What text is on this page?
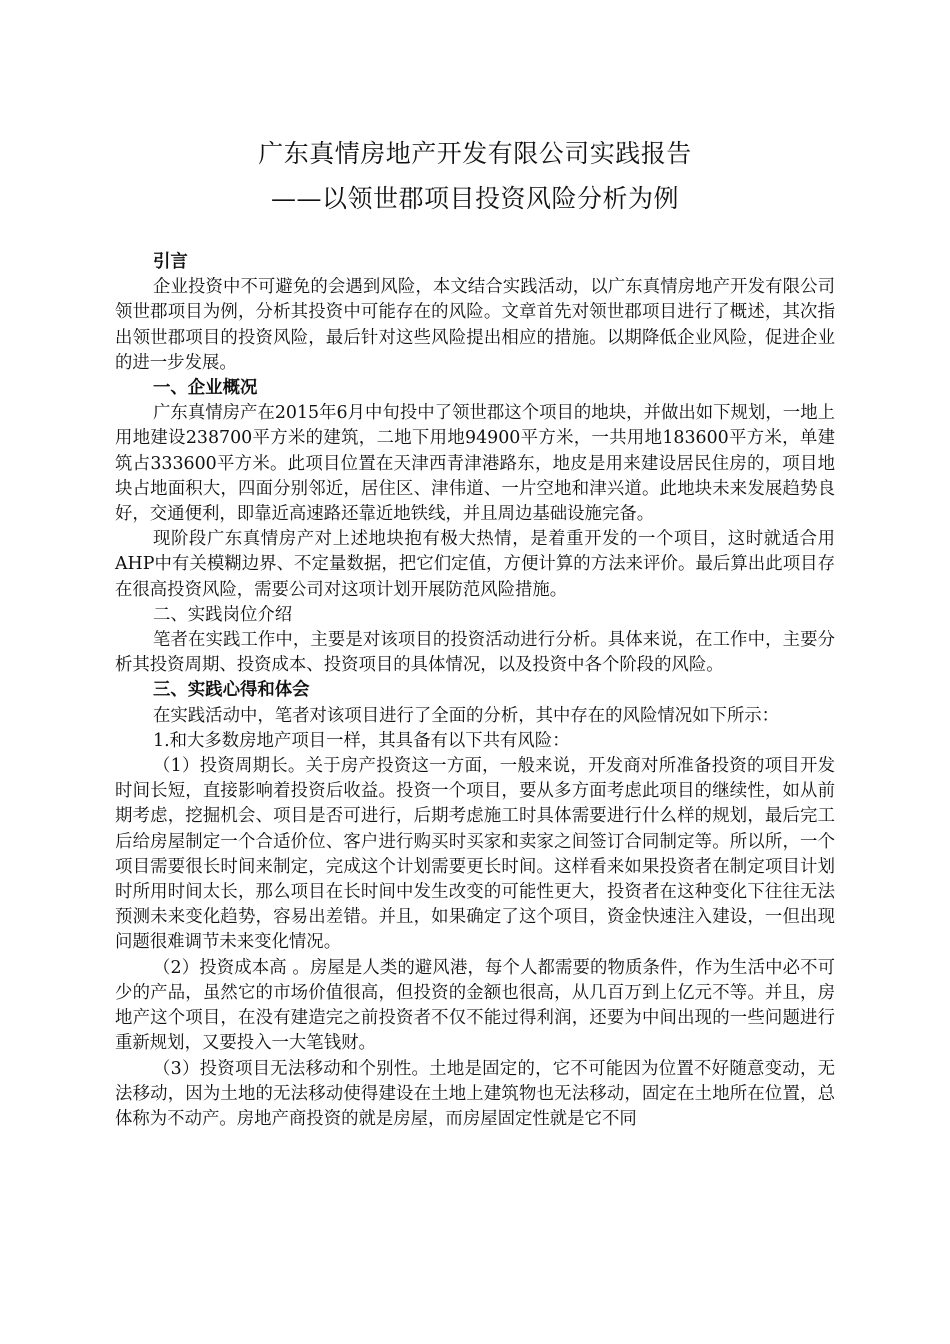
广东真情房地产开发有限公司实践报告
——以领世郡项目投资风险分析为例

引言

企业投资中不可避免的会遇到风险，本文结合实践活动，以广东真情房地产开发有限公司领世郡项目为例，分析其投资中可能存在的风险。文章首先对领世郡项目进行了概述，其次指出领世郡项目的投资风险，最后针对这些风险提出相应的措施。以期降低企业风险，促进企业的进一步发展。

一、企业概况

广东真情房产在2015年6月中旬投中了领世郡这个项目的地块，并做出如下规划，一地上用地建设238700平方米的建筑，二地下用地94900平方米，一共用地183600平方米，单建筑占333600平方米。此项目位置在天津西青津港路东，地皮是用来建设居民住房的，项目地块占地面积大，四面分别邻近，居住区、津伟道、一片空地和津兴道。此地块未来发展趋势良好，交通便利，即靠近高速路还靠近地铁线，并且周边基础设施完备。

现阶段广东真情房产对上述地块抱有极大热情，是着重开发的一个项目，这时就适合用AHP中有关模糊边界、不定量数据，把它们定值，方便计算的方法来评价。最后算出此项目存在很高投资风险，需要公司对这项计划开展防范风险措施。

二、实践岗位介绍

笔者在实践工作中，主要是对该项目的投资活动进行分析。具体来说，在工作中，主要分析其投资周期、投资成本、投资项目的具体情况，以及投资中各个阶段的风险。

三、实践心得和体会

在实践活动中，笔者对该项目进行了全面的分析，其中存在的风险情况如下所示：

1.和大多数房地产项目一样，其具备有以下共有风险：

（1）投资周期长。关于房产投资这一方面，一般来说，开发商对所准备投资的项目开发时间长短，直接影响着投资后收益。投资一个项目，要从多方面考虑此项目的继续性，如从前期考虑，挖掘机会、项目是否可进行，后期考虑施工时具体需要进行什么样的规划，最后完工后给房屋制定一个合适价位、客户进行购买时买家和卖家之间签订合同制定等。所以所，一个项目需要很长时间来制定，完成这个计划需要更长时间。这样看来如果投资者在制定项目计划时所用时间太长，那么项目在长时间中发生改变的可能性更大，投资者在这种变化下往往无法预测未来变化趋势，容易出差错。并且，如果确定了这个项目，资金快速注入建设，一但出现问题很难调节未来变化情况。

（2）投资成本高 。房屋是人类的避风港，每个人都需要的物质条件，作为生活中必不可少的产品，虽然它的市场价值很高，但投资的金额也很高，从几百万到上亿元不等。并且，房地产这个项目，在没有建造完之前投资者不仅不能过得利润，还要为中间出现的一些问题进行重新规划，又要投入一大笔钱财。

（3）投资项目无法移动和个别性。土地是固定的，它不可能因为位置不好随意变动，无法移动，因为土地的无法移动使得建设在土地上建筑物也无法移动，固定在土地所在位置，总体称为不动产。房地产商投资的就是房屋，而房屋固定性就是它不同
